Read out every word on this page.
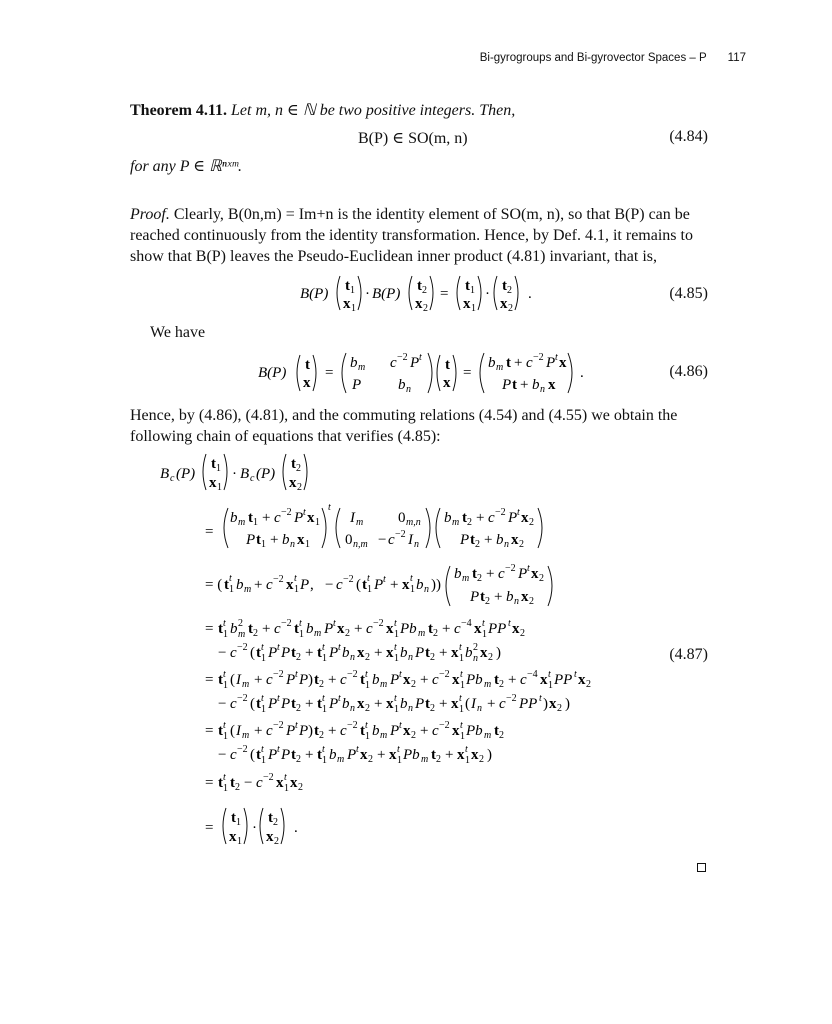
Bi-gyrogroups and Bi-gyrovector Spaces – P 117
Theorem 4.11. Let m, n ∈ ℕ be two positive integers. Then,
B(P) ∈ SO(m, n)	(4.84)
for any P ∈ ℝⁿˣᵐ.
Proof. Clearly, B(0n,m) = Im+n is the identity element of SO(m, n), so that B(P) can be reached continuously from the identity transformation. Hence, by Def. 4.1, it remains to show that B(P) leaves the Pseudo-Euclidean inner product (4.81) invariant, that is,
B(P) t 1
x 1
· B(P) t 2
x 2
= t 1
x 1
· t 2
x 2
.	(4.85)
We have
B(P) t
x
=
b m c −2 P t
P b n
t
x
=
b m t + c −2 P t x
P t + b n x
.	(4.86)
Hence, by (4.86), (4.81), and the commuting relations (4.54) and (4.55) we obtain the following chain of equations that verifies (4.85):
B c (P)
t 1
x 1
· B c (P)
t 2
x 2
=
b m t 1 + c −2 P t x 1
P t 1 + b n x 1
t
I m 0 m,n
0 n,m − c −2 I n
b m t 2 + c −2 P t x 2
P t 2 + b n x 2
= ( t t
1 b m + c −2 x t
1 P , − c −2 ( t t
1 P t + x t
1 b n ))
b m t 2 + c −2 P t x 2
P t 2 + b n x 2
= t t
1 b 2
m t 2 + c −2 t t
1 b m P t x 2 + c −2 x t
1 Pb m t 2 + c −4 x t
1 PP t x 2
− c −2 ( t t
1 P t P t 2 + t t
1 P t b n x 2 + x t
1 b n P t 2 + x t
1 b 2
n x 2 )
= t t
1 ( I m + c −2 P t P ) t 2 + c −2 t t
1 b m P t x 2 + c −2 x t
1 Pb m t 2 + c −4 x t
1 PP t x 2
− c −2 ( t t
1 P t P t 2 + t t
1 P t b n x 2 + x t
1 b n P t 2 + x t
1 ( I n + c −2 PP t ) x 2 )
= t t
1 ( I m + c −2 P t P ) t 2 + c −2 t t
1 b m P t x 2 + c −2 x t
1 Pb m t 2
− c −2 ( t t
1 P t P t 2 + t t
1 b m P t x 2 + x t
1 Pb m t 2 + x t
1 x 2 )
= t t
1 t 2 − c −2 x t
1 x 2
=
t 1
x 1
·
t 2
x 2
.
(4.87)
